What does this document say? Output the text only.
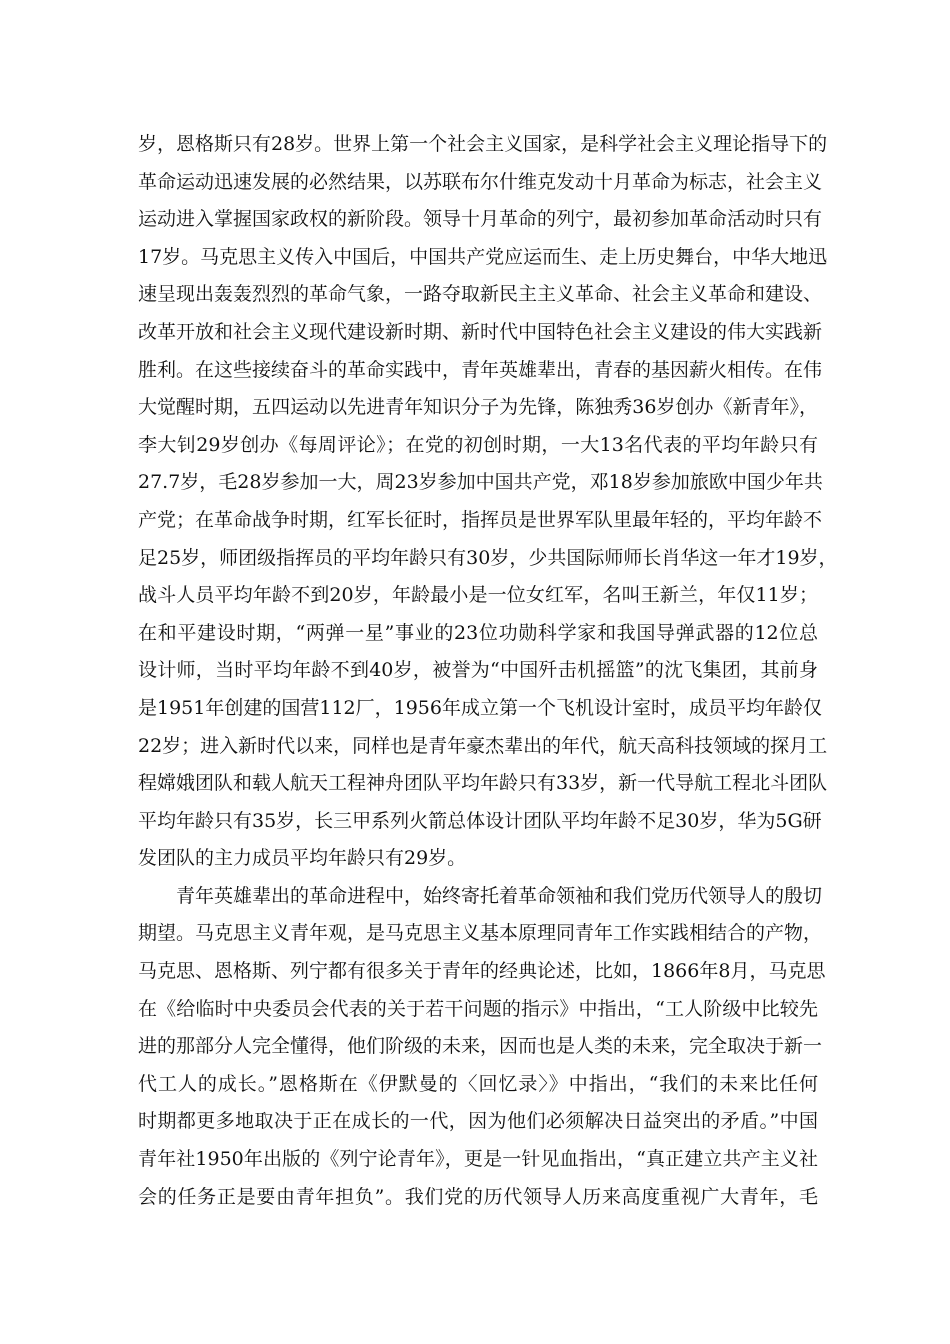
岁，恩格斯只有28岁。世界上第一个社会主义国家，是科学社会主义理论指导下的
革命运动迅速发展的必然结果，以苏联布尔什维克发动十月革命为标志，社会主义
运动进入掌握国家政权的新阶段。领导十月革命的列宁，最初参加革命活动时只有
17岁。马克思主义传入中国后，中国共产党应运而生、走上历史舞台，中华大地迅
速呈现出轰轰烈烈的革命气象，一路夺取新民主主义革命、社会主义革命和建设、
改革开放和社会主义现代建设新时期、新时代中国特色社会主义建设的伟大实践新
胜利。在这些接续奋斗的革命实践中，青年英雄辈出，青春的基因薪火相传。在伟
大觉醒时期，五四运动以先进青年知识分子为先锋，陈独秀36岁创办《新青年》，
李大钊29岁创办《每周评论》；在党的初创时期，一大13名代表的平均年龄只有
27.7岁，毛28岁参加一大，周23岁参加中国共产党，邓18岁参加旅欧中国少年共
产党；在革命战争时期，红军长征时，指挥员是世界军队里最年轻的，平均年龄不
足25岁，师团级指挥员的平均年龄只有30岁，少共国际师师长肖华这一年才19岁，
战斗人员平均年龄不到20岁，年龄最小是一位女红军，名叫王新兰，年仅11岁；
在和平建设时期，“两弹一星”事业的23位功勋科学家和我国导弹武器的12位总
设计师，当时平均年龄不到40岁，被誉为“中国歼击机摇篮”的沈飞集团，其前身
是1951年创建的国营112厂，1956年成立第一个飞机设计室时，成员平均年龄仅
22岁；进入新时代以来，同样也是青年豪杰辈出的年代，航天高科技领域的探月工
程嫦娥团队和载人航天工程神舟团队平均年龄只有33岁，新一代导航工程北斗团队
平均年龄只有35岁，长三甲系列火箭总体设计团队平均年龄不足30岁，华为5G研
发团队的主力成员平均年龄只有29岁。
青年英雄辈出的革命进程中，始终寄托着革命领袖和我们党历代领导人的殷切
期望。马克思主义青年观，是马克思主义基本原理同青年工作实践相结合的产物，
马克思、恩格斯、列宁都有很多关于青年的经典论述，比如，1866年8月，马克思
在《给临时中央委员会代表的关于若干问题的指示》中指出，“工人阶级中比较先
进的那部分人完全懂得，他们阶级的未来，因而也是人类的未来，完全取决于新一
代工人的成长。”恩格斯在《伊默曼的〈回忆录〉》中指出，“我们的未来比任何
时期都更多地取决于正在成长的一代，因为他们必须解决日益突出的矛盾。”中国
青年社1950年出版的《列宁论青年》，更是一针见血指出，“真正建立共产主义社
会的任务正是要由青年担负”。我们党的历代领导人历来高度重视广大青年，毛
